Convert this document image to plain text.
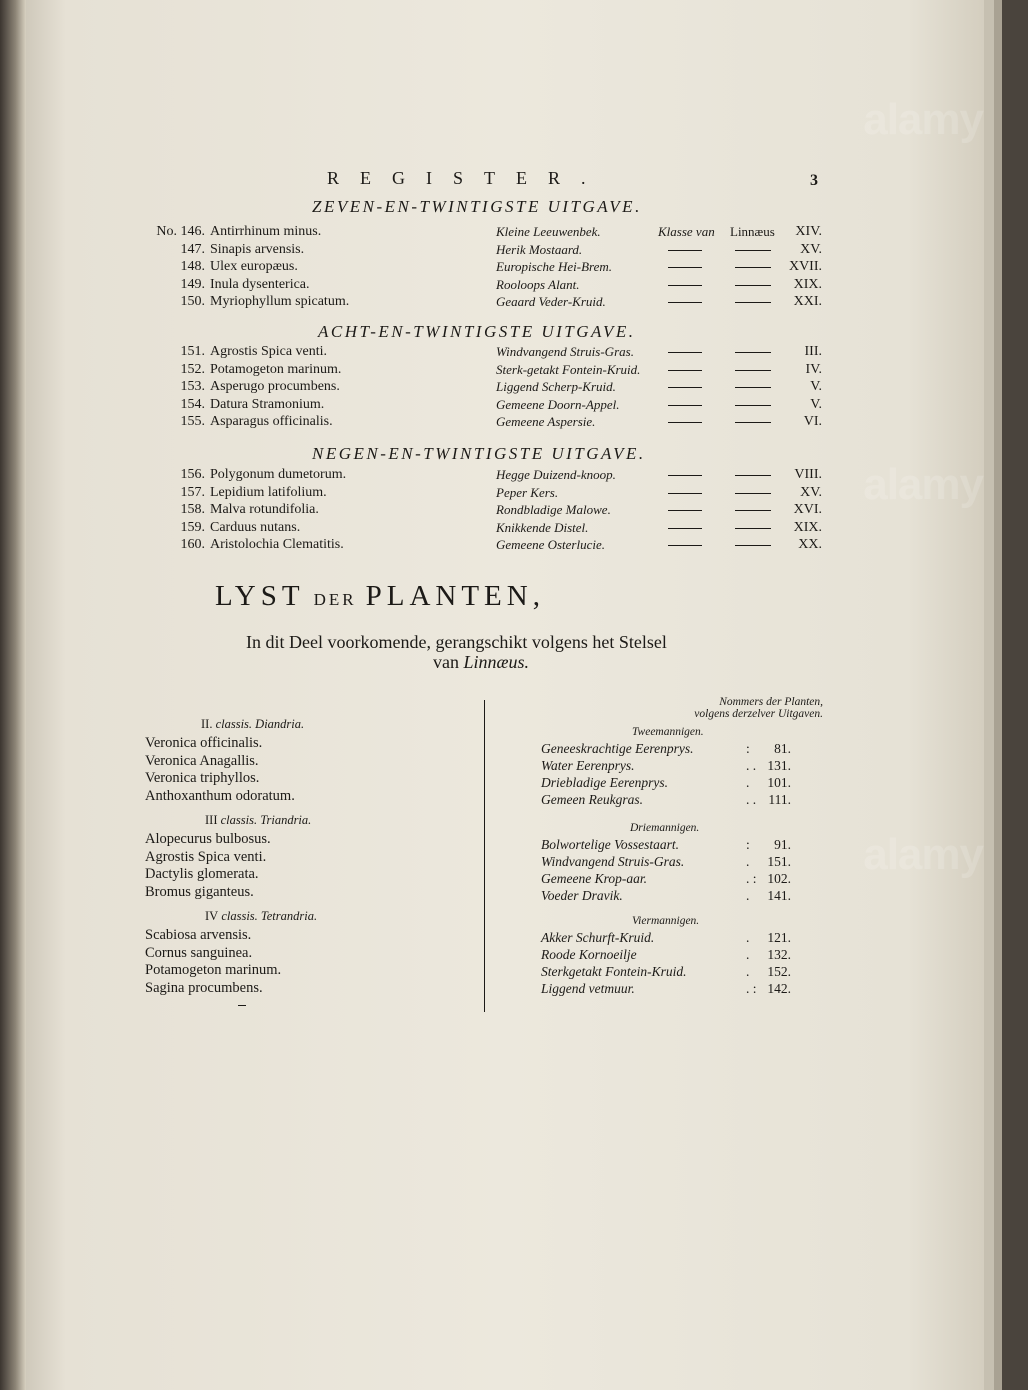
alamy
alamy
alamy
REGISTER.	3
ZEVEN-EN-TWINTIGSTE UITGAVE.
No. 146. Antirrhinum minus.	Kleine Leeuwenbek.	Klasse van Linnæus XIV.
147. Sinapis arvensis.	Herik Mostaard.	XV.
148. Ulex europæus.	Europische Hei-Brem.	XVII.
149. Inula dysenterica.	Rooloops Alant.	XIX.
150. Myriophyllum spicatum.	Geaard Veder-Kruid.	XXI.
ACHT-EN-TWINTIGSTE UITGAVE.
151. Agrostis Spica venti.	Windvangend Struis-Gras.	III.
152. Potamogeton marinum.	Sterk-getakt Fontein-Kruid.	IV.
153. Asperugo procumbens.	Liggend Scherp-Kruid.	V.
154. Datura Stramonium.	Gemeene Doorn-Appel.	V.
155. Asparagus officinalis.	Gemeene Aspersie.	VI.
NEGEN-EN-TWINTIGSTE UITGAVE.
156. Polygonum dumetorum.	Hegge Duizend-knoop.	VIII.
157. Lepidium latifolium.	Peper Kers.	XV.
158. Malva rotundifolia.	Rondbladige Malowe.	XVI.
159. Carduus nutans.	Knikkende Distel.	XIX.
160. Aristolochia Clematitis.	Gemeene Osterlucie.	XX.
LYST DER PLANTEN,
In dit Deel voorkomende, gerangschikt volgens het Stelsel
van Linnæus.
II. classis. Diandria.
Veronica officinalis.
Veronica Anagallis.
Veronica triphyllos.
Anthoxanthum odoratum.
III classis. Triandria.
Alopecurus bulbosus.
Agrostis Spica venti.
Dactylis glomerata.
Bromus giganteus.
IV classis. Tetrandria.
Scabiosa arvensis.
Cornus sanguinea.
Potamogeton marinum.
Sagina procumbens.
Nommers der Planten,
volgens derzelver Uitgaven.
Tweemannigen.
Geneeskrachtige Eerenprys.	: 81.
Water Eerenprys.	. . 131.
Driebladige Eerenprys.	. 101.
Gemeen Reukgras.	. . 111.
Driemannigen.
Bolwortelige Vossestaart.	: 91.
Windvangend Struis-Gras.	. 151.
Gemeene Krop-aar.	. : 102.
Voeder Dravik.	. 141.
Viermannigen.
Akker Schurft-Kruid.	. 121.
Roode Kornoeilje	. 132.
Sterkgetakt Fontein-Kruid.	. 152.
Liggend vetmuur.	. : 142.
